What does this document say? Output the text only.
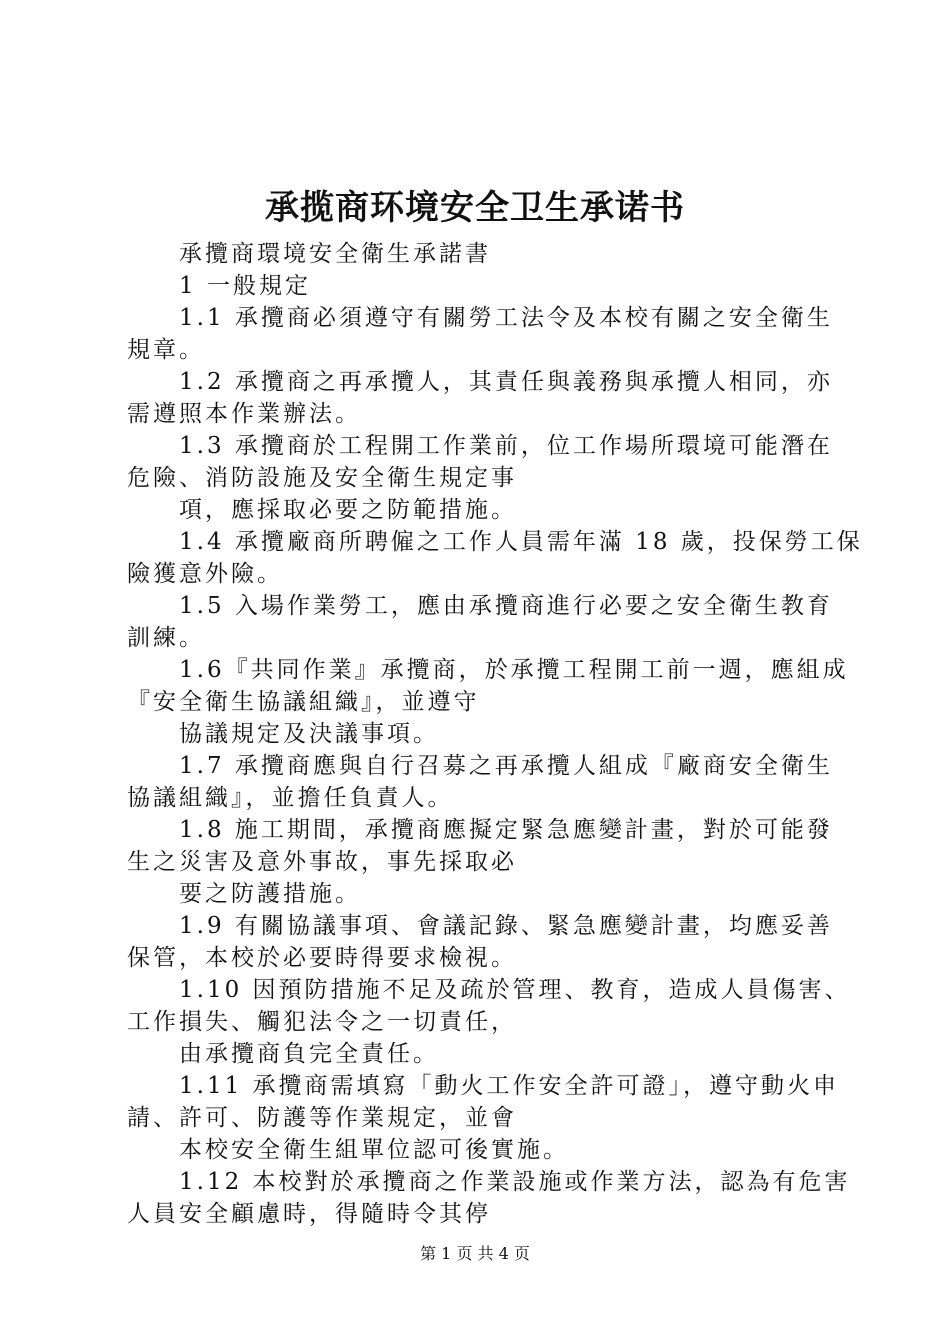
承揽商环境安全卫生承诺书
承攬商環境安全衛生承諾書
1 一般規定
1.1 承攬商必須遵守有關勞工法令及本校有關之安全衛生
規章。
1.2 承攬商之再承攬人，其責任與義務與承攬人相同，亦
需遵照本作業辦法。
1.3 承攬商於工程開工作業前，位工作場所環境可能潛在
危險、消防設施及安全衛生規定事
項，應採取必要之防範措施。
1.4 承攬廠商所聘僱之工作人員需年滿 18 歲，投保勞工保
險獲意外險。
1.5 入場作業勞工，應由承攬商進行必要之安全衛生教育
訓練。
1.6『共同作業』承攬商，於承攬工程開工前一週，應組成
『安全衛生協議組織』，並遵守
協議規定及決議事項。
1.7 承攬商應與自行召募之再承攬人組成『廠商安全衛生
協議組織』，並擔任負責人。
1.8 施工期間，承攬商應擬定緊急應變計畫，對於可能發
生之災害及意外事故，事先採取必
要之防護措施。
1.9 有關協議事項、會議記錄、緊急應變計畫，均應妥善
保管，本校於必要時得要求檢視。
1.10 因預防措施不足及疏於管理、教育，造成人員傷害、
工作損失、觸犯法令之一切責任，
由承攬商負完全責任。
1.11 承攬商需填寫「動火工作安全許可證」，遵守動火申
請、許可、防護等作業規定，並會
本校安全衛生組單位認可後實施。
1.12 本校對於承攬商之作業設施或作業方法，認為有危害
人員安全顧慮時，得隨時令其停
第 1 页 共 4 页
